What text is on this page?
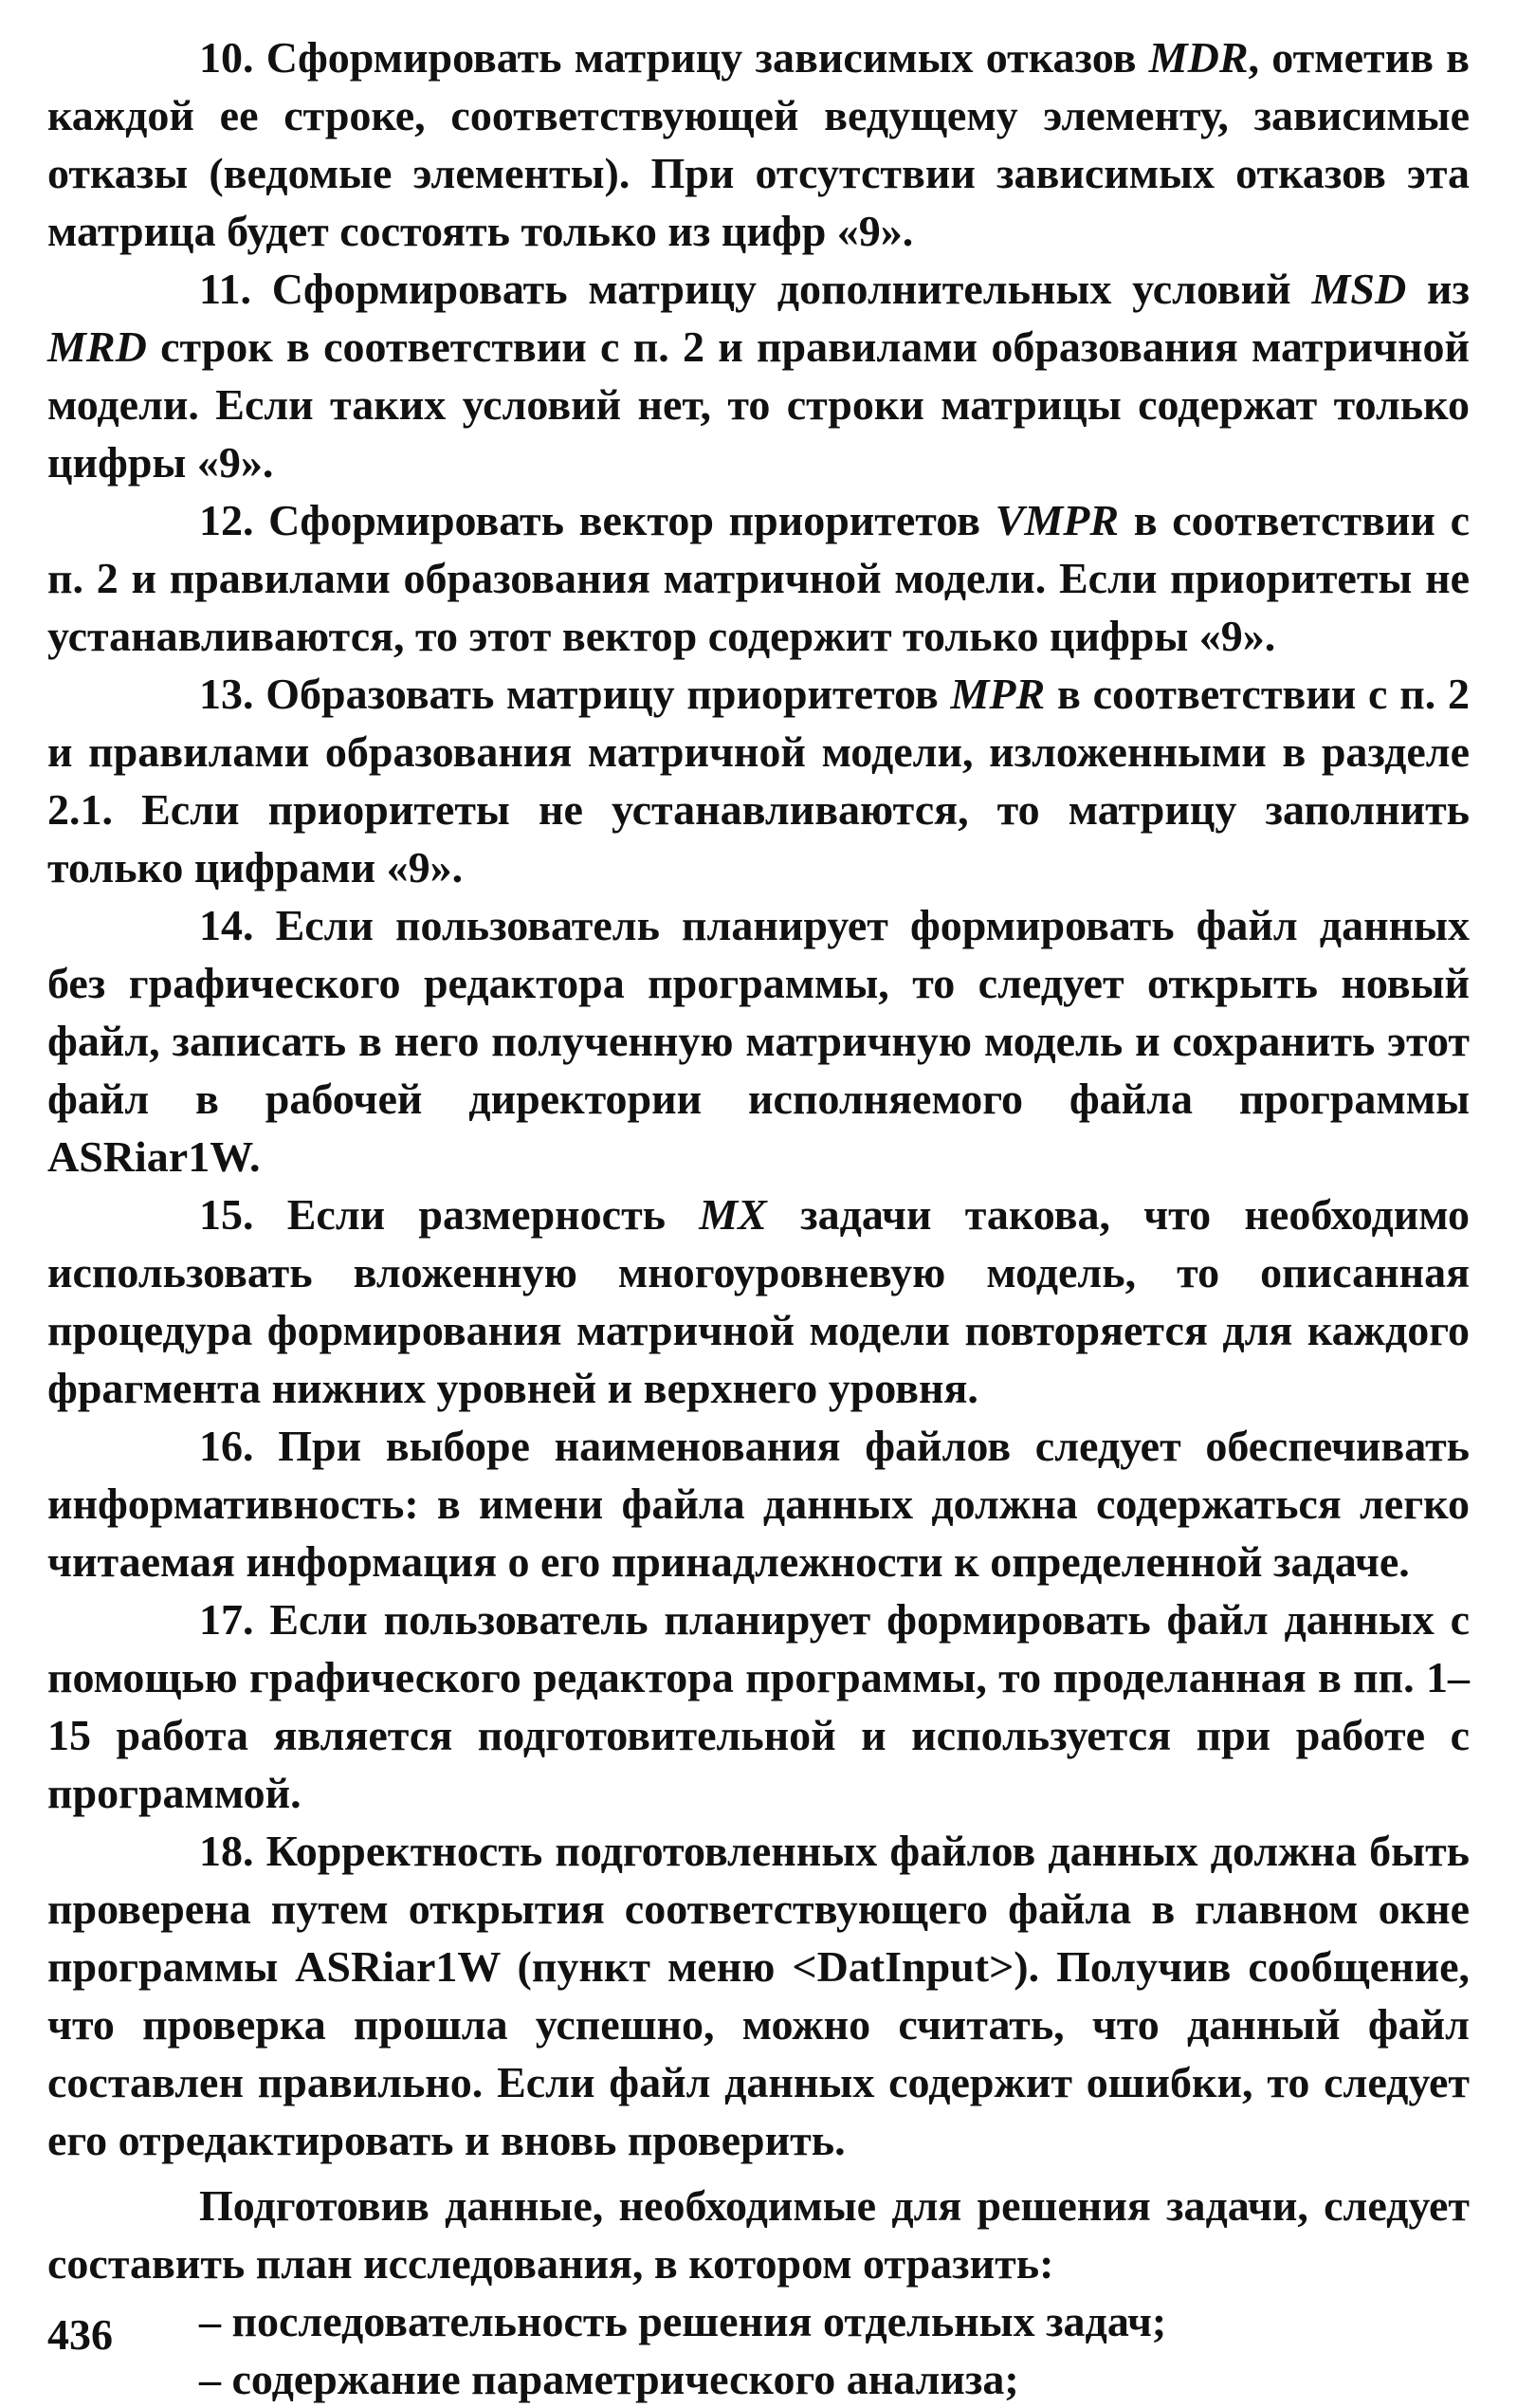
10. Сформировать матрицу зависимых отказов MDR, отметив в каждой ее строке, соответствующей ведущему элементу, зависимые отказы (ведомые элементы). При отсутствии зависимых отказов эта матрица будет состоять только из цифр «9».

11. Сформировать матрицу дополнительных условий MSD из MRD строк в соответствии с п. 2 и правилами образования матричной модели. Если таких условий нет, то строки матрицы содержат только цифры «9».

12. Сформировать вектор приоритетов VMPR в соответствии с п. 2 и правилами образования матричной модели. Если приоритеты не устанавливаются, то этот вектор содержит только цифры «9».

13. Образовать матрицу приоритетов MPR в соответствии с п. 2 и правилами образования матричной модели, изложенными в разделе 2.1. Если приоритеты не устанавливаются, то матрицу заполнить только цифрами «9».

14. Если пользователь планирует формировать файл данных без графического редактора программы, то следует открыть новый файл, записать в него полученную матричную модель и сохранить этот файл в рабочей директории исполняемого файла программы ASRiar1W.

15. Если размерность MX задачи такова, что необходимо использовать вложенную многоуровневую модель, то описанная процедура формирования матричной модели повторяется для каждого фрагмента нижних уровней и верхнего уровня.

16. При выборе наименования файлов следует обеспечивать информативность: в имени файла данных должна содержаться легко читаемая информация о его принадлежности к определенной задаче.

17. Если пользователь планирует формировать файл данных с помощью графического редактора программы, то проделанная в пп. 1–15 работа является подготовительной и используется при работе с программой.

18. Корректность подготовленных файлов данных должна быть проверена путем открытия соответствующего файла в главном окне программы ASRiar1W (пункт меню <DatInput>). Получив сообщение, что проверка прошла успешно, можно считать, что данный файл составлен правильно. Если файл данных содержит ошибки, то следует его отредактировать и вновь проверить.

Подготовив данные, необходимые для решения задачи, следует составить план исследования, в котором отразить:

– последовательность решения отдельных задач;

– содержание параметрического анализа;

436
